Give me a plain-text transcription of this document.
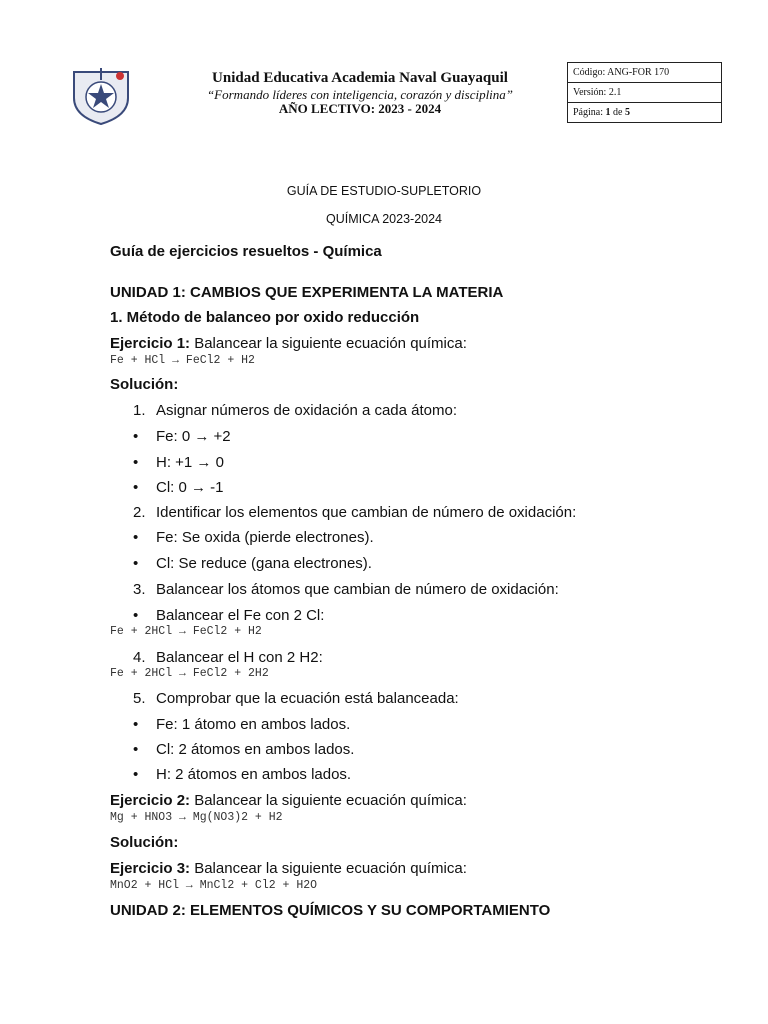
Unidad Educativa Academia Naval Guayaquil
“Formando líderes con inteligencia, corazón y disciplina”
AÑO LECTIVO: 2023 - 2024
Código: ANG-FOR 170
Versión: 2.1
Página: 1 de 5
GUÍA DE ESTUDIO-SUPLETORIO
QUÍMICA 2023-2024
Guía de ejercicios resueltos - Química
UNIDAD 1: CAMBIOS QUE EXPERIMENTA LA MATERIA
1. Método de balanceo por oxido reducción
Ejercicio 1: Balancear la siguiente ecuación química:
Fe + HCl → FeCl2 + H2
Solución:
1. Asignar números de oxidación a cada átomo:
• Fe: 0 → +2
• H: +1 → 0
• Cl: 0 → -1
2. Identificar los elementos que cambian de número de oxidación:
• Fe: Se oxida (pierde electrones).
• Cl: Se reduce (gana electrones).
3. Balancear los átomos que cambian de número de oxidación:
• Balancear el Fe con 2 Cl:
Fe + 2HCl → FeCl2 + H2
4. Balancear el H con 2 H2:
Fe + 2HCl → FeCl2 + 2H2
5. Comprobar que la ecuación está balanceada:
• Fe: 1 átomo en ambos lados.
• Cl: 2 átomos en ambos lados.
• H: 2 átomos en ambos lados.
Ejercicio 2: Balancear la siguiente ecuación química:
Mg + HNO3 → Mg(NO3)2 + H2
Solución:
Ejercicio 3: Balancear la siguiente ecuación química:
MnO2 + HCl → MnCl2 + Cl2 + H2O
UNIDAD 2: ELEMENTOS QUÍMICOS Y SU COMPORTAMIENTO
